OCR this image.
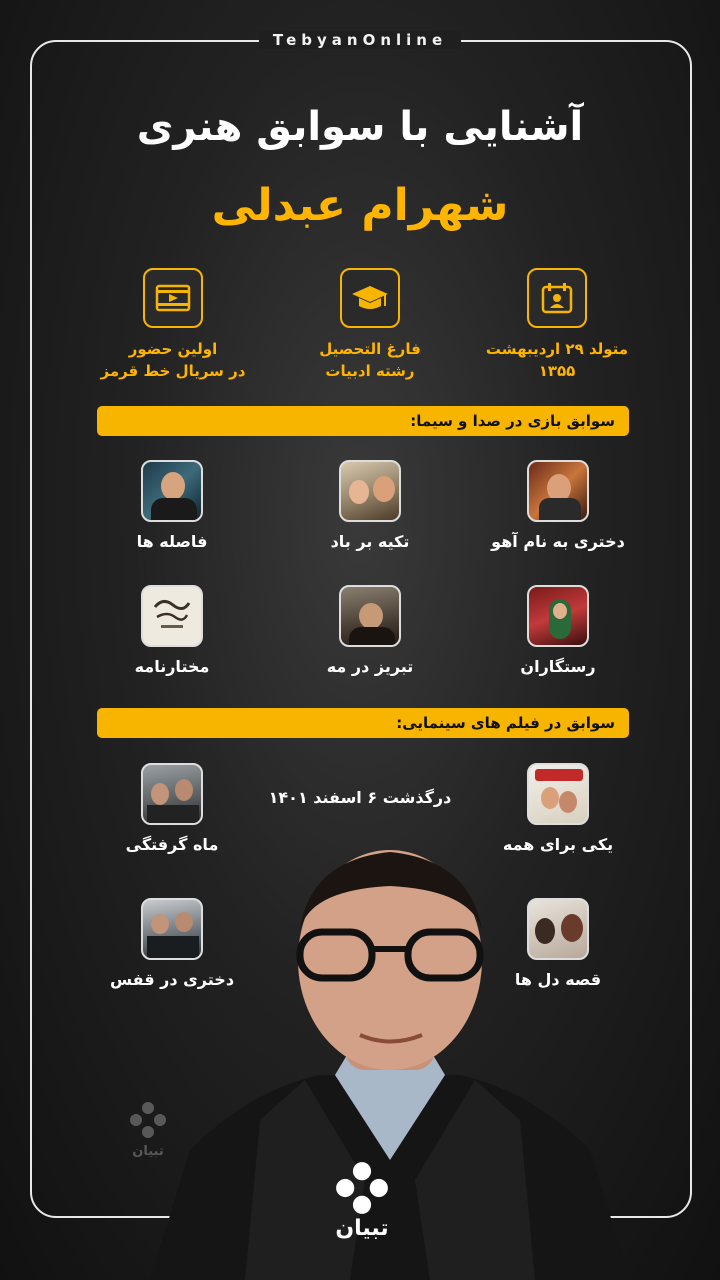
TebyanOnline
آشنایی با سوابق هنری
شهرام عبدلی
متولد ۲۹ اردیبهشت
۱۳۵۵
فارغ التحصیل
رشته ادبیات
اولین حضور
در سریال خط قرمز
سوابق بازی در صدا و سیما:
دختری به نام آهو
تکیه بر باد
فاصله ها
رستگاران
تبریز در مه
مختارنامه
سوابق در فیلم های سینمایی:
درگذشت ۶ اسفند ۱۴۰۱
یکی برای همه
ماه گرفتگی
قصه دل ها
دختری در قفس
تبیان
تبیان
